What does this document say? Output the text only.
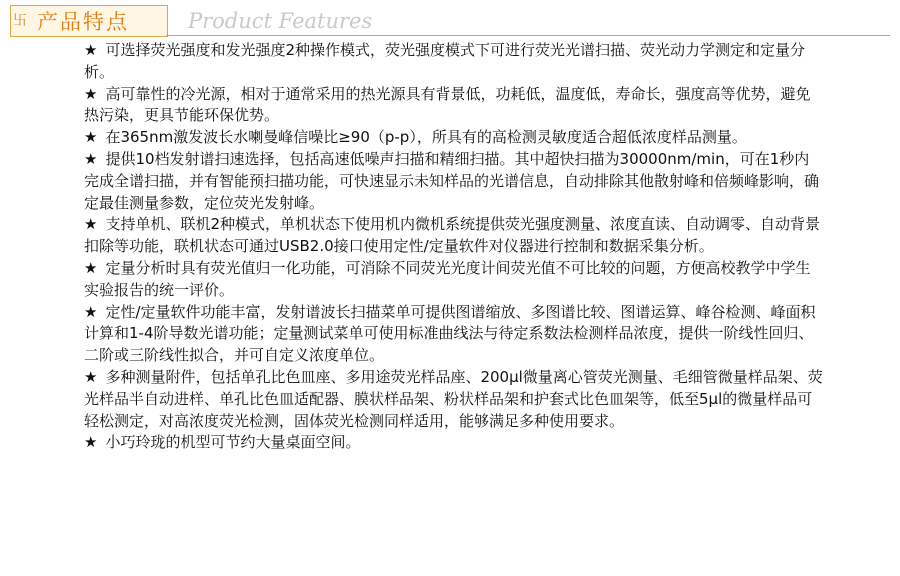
卐 产品特点	Product Features
★ 可选择荧光强度和发光强度2种操作模式，荧光强度模式下可进行荧光光谱扫描、荧光动力学测定和定量分析。
★ 高可靠性的冷光源，相对于通常采用的热光源具有背景低，功耗低，温度低，寿命长，强度高等优势，避免热污染，更具节能环保优势。
★ 在365nm激发波长水喇曼峰信噪比≥90（p-p），所具有的高检测灵敏度适合超低浓度样品测量。
★ 提供10档发射谱扫速选择，包括高速低噪声扫描和精细扫描。其中超快扫描为30000nm/min，可在1秒内完成全谱扫描，并有智能预扫描功能，可快速显示未知样品的光谱信息，自动排除其他散射峰和倍频峰影响，确定最佳测量参数，定位荧光发射峰。
★ 支持单机、联机2种模式，单机状态下使用机内微机系统提供荧光强度测量、浓度直读、自动调零、自动背景扣除等功能，联机状态可通过USB2.0接口使用定性/定量软件对仪器进行控制和数据采集分析。
★ 定量分析时具有荧光值归一化功能，可消除不同荧光光度计间荧光值不可比较的问题，方便高校教学中学生实验报告的统一评价。
★ 定性/定量软件功能丰富，发射谱波长扫描菜单可提供图谱缩放、多图谱比较、图谱运算、峰谷检测、峰面积计算和1-4阶导数光谱功能；定量测试菜单可使用标准曲线法与待定系数法检测样品浓度，提供一阶线性回归、二阶或三阶线性拟合，并可自定义浓度单位。
★ 多种测量附件，包括单孔比色皿座、多用途荧光样品座、200μl微量离心管荧光测量、毛细管微量样品架、荧光样品半自动进样、单孔比色皿适配器、膜状样品架、粉状样品架和护套式比色皿架等，低至5μl的微量样品可轻松测定，对高浓度荧光检测，固体荧光检测同样适用，能够满足多种使用要求。
★ 小巧玲珑的机型可节约大量桌面空间。
